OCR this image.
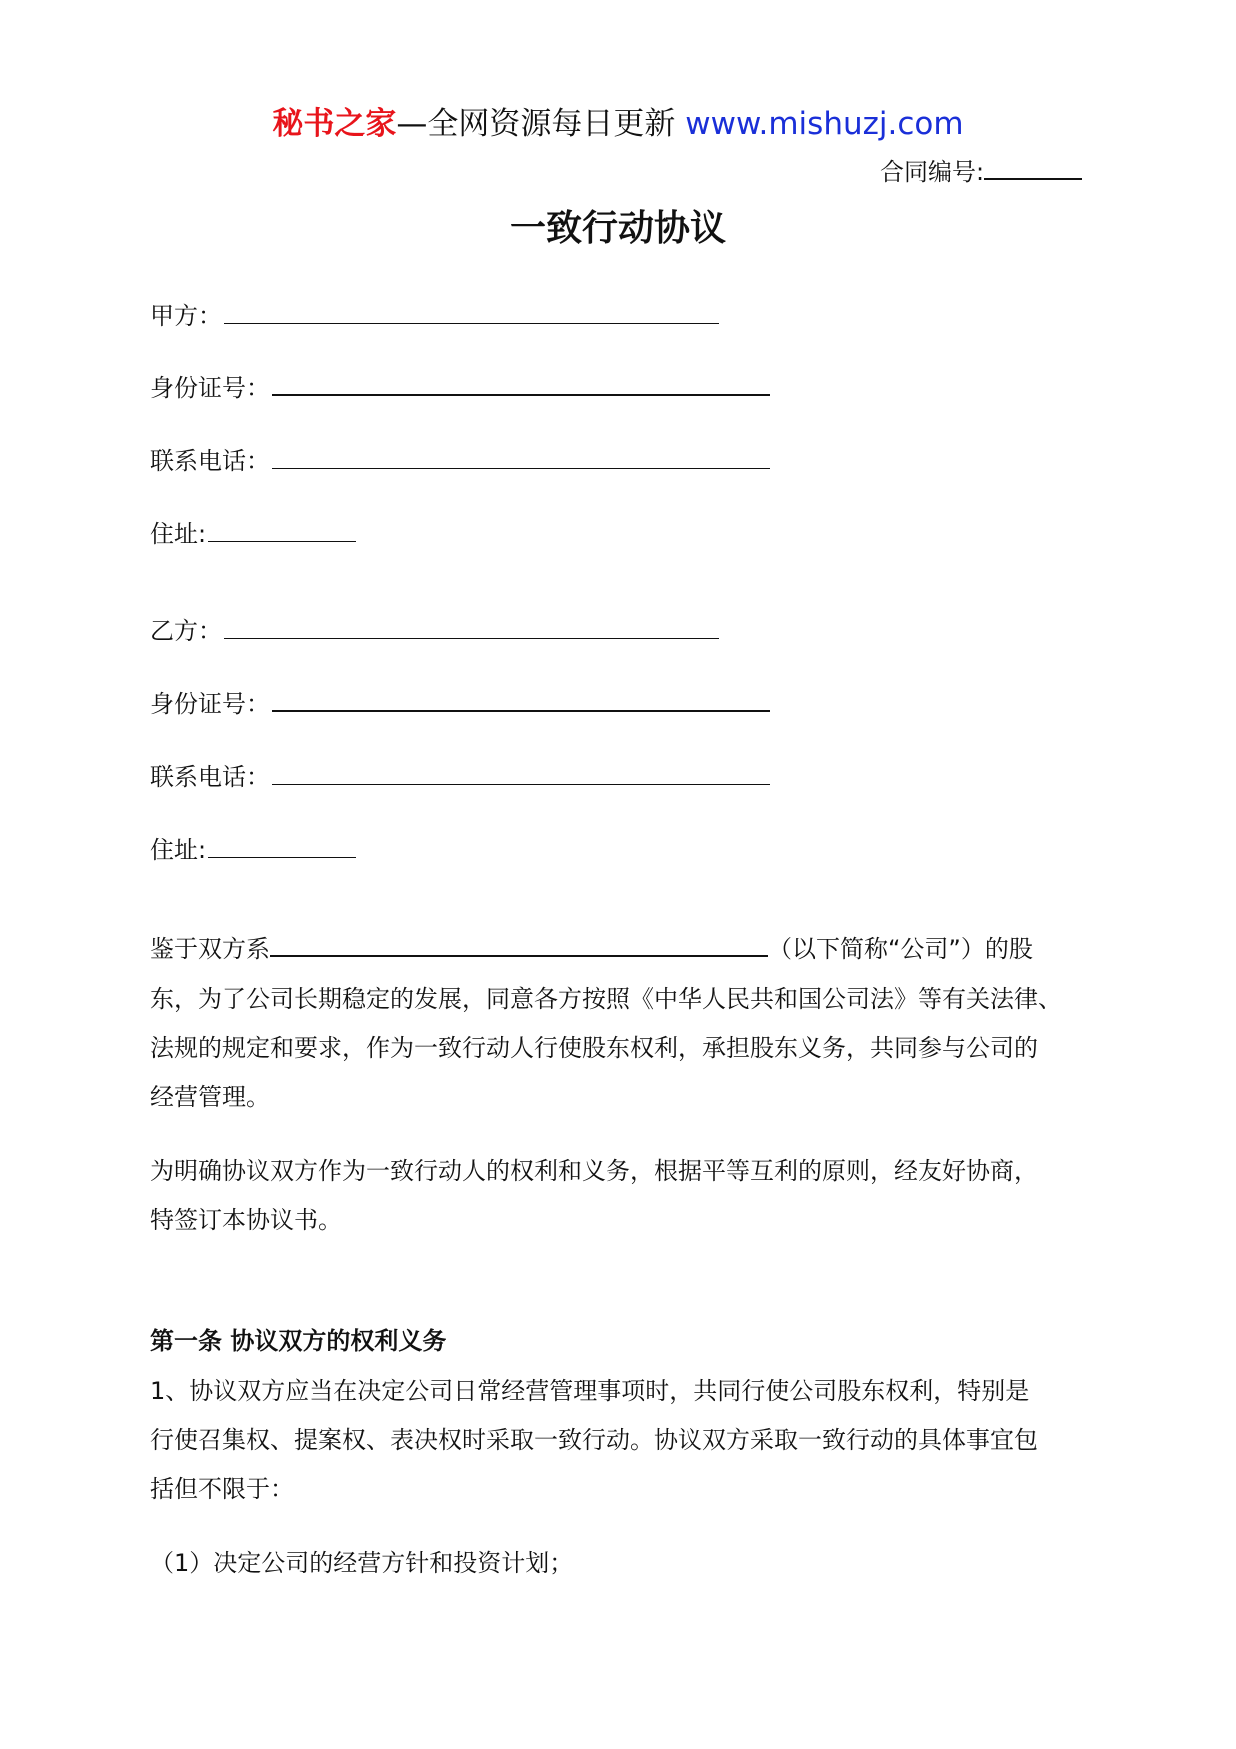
秘书之家—全网资源每日更新 www.mishuzj.com
合同编号:
一致行动协议
甲方：
身份证号：
联系电话：
住址:
乙方：
身份证号：
联系电话：
住址:
鉴于双方系	（以下简称“公司”）的股
东，为了公司长期稳定的发展，同意各方按照《中华人民共和国公司法》等有关法律、
法规的规定和要求，作为一致行动人行使股东权利，承担股东义务，共同参与公司的
经营管理。
为明确协议双方作为一致行动人的权利和义务，根据平等互利的原则，经友好协商，
特签订本协议书。
第一条 协议双方的权利义务
1、协议双方应当在决定公司日常经营管理事项时，共同行使公司股东权利，特别是
行使召集权、提案权、表决权时采取一致行动。协议双方采取一致行动的具体事宜包
括但不限于：
（1）决定公司的经营方针和投资计划；
